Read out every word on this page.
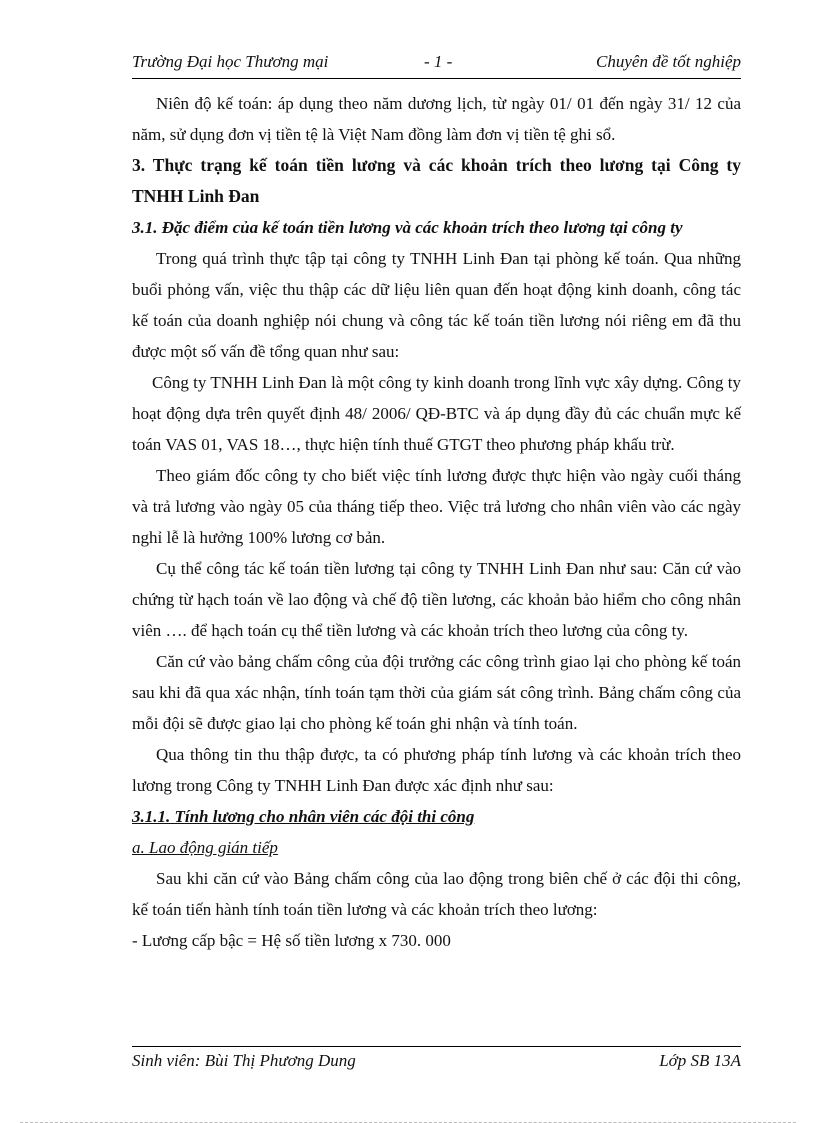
Trường Đại học Thương mại	- 1 -	Chuyên đề tốt nghiệp

Niên độ kế toán: áp dụng theo năm dương lịch, từ ngày 01/ 01 đến ngày 31/ 12 của năm, sử dụng đơn vị tiền tệ là Việt Nam đồng làm đơn vị tiền tệ ghi sổ.

3. Thực trạng kế toán tiền lương và các khoản trích theo lương tại Công ty TNHH Linh Đan

3.1. Đặc điểm của kế toán tiền lương và các khoản trích theo lương tại công ty

Trong quá trình thực tập tại công ty TNHH Linh Đan tại phòng kế toán. Qua những buổi phỏng vấn, việc thu thập các dữ liệu liên quan đến hoạt động kinh doanh, công tác kế toán của doanh nghiệp nói chung và công tác kế toán tiền lương nói riêng em đã thu được một số vấn đề tổng quan như sau:

Công ty TNHH Linh Đan là một công ty kinh doanh trong lĩnh vực xây dựng. Công ty hoạt động dựa trên quyết định 48/ 2006/ QĐ-BTC và áp dụng đầy đủ các chuẩn mực kế toán VAS 01, VAS 18…, thực hiện tính thuế GTGT theo phương pháp khấu trừ.

Theo giám đốc công ty cho biết việc tính lương được thực hiện vào ngày cuối tháng và trả lương vào ngày 05 của tháng tiếp theo. Việc trả lương cho nhân viên vào các ngày nghỉ lễ là hưởng 100% lương cơ bản.

Cụ thể công tác kế toán tiền lương tại công ty TNHH Linh Đan như sau: Căn cứ vào chứng từ hạch toán về lao động và chế độ tiền lương, các khoản bảo hiểm cho công nhân viên …. để hạch toán cụ thể tiền lương và các khoản trích theo lương của công ty.

Căn cứ vào bảng chấm công của đội trưởng các công trình giao lại cho phòng kế toán sau khi đã qua xác nhận, tính toán tạm thời của giám sát công trình. Bảng chấm công của mỗi đội sẽ được giao lại cho phòng kế toán ghi nhận và tính toán.

Qua thông tin thu thập được, ta có phương pháp tính lương và các khoản trích theo lương trong Công ty TNHH Linh Đan được xác định như sau:

3.1.1. Tính lương cho nhân viên các đội thi công

a. Lao động gián tiếp

Sau khi căn cứ vào Bảng chấm công của lao động trong biên chế ở các đội thi công, kế toán tiến hành tính toán tiền lương và các khoản trích theo lương:

- Lương cấp bậc = Hệ số tiền lương x 730. 000

Sinh viên: Bùi Thị Phương Dung	Lớp SB 13A
